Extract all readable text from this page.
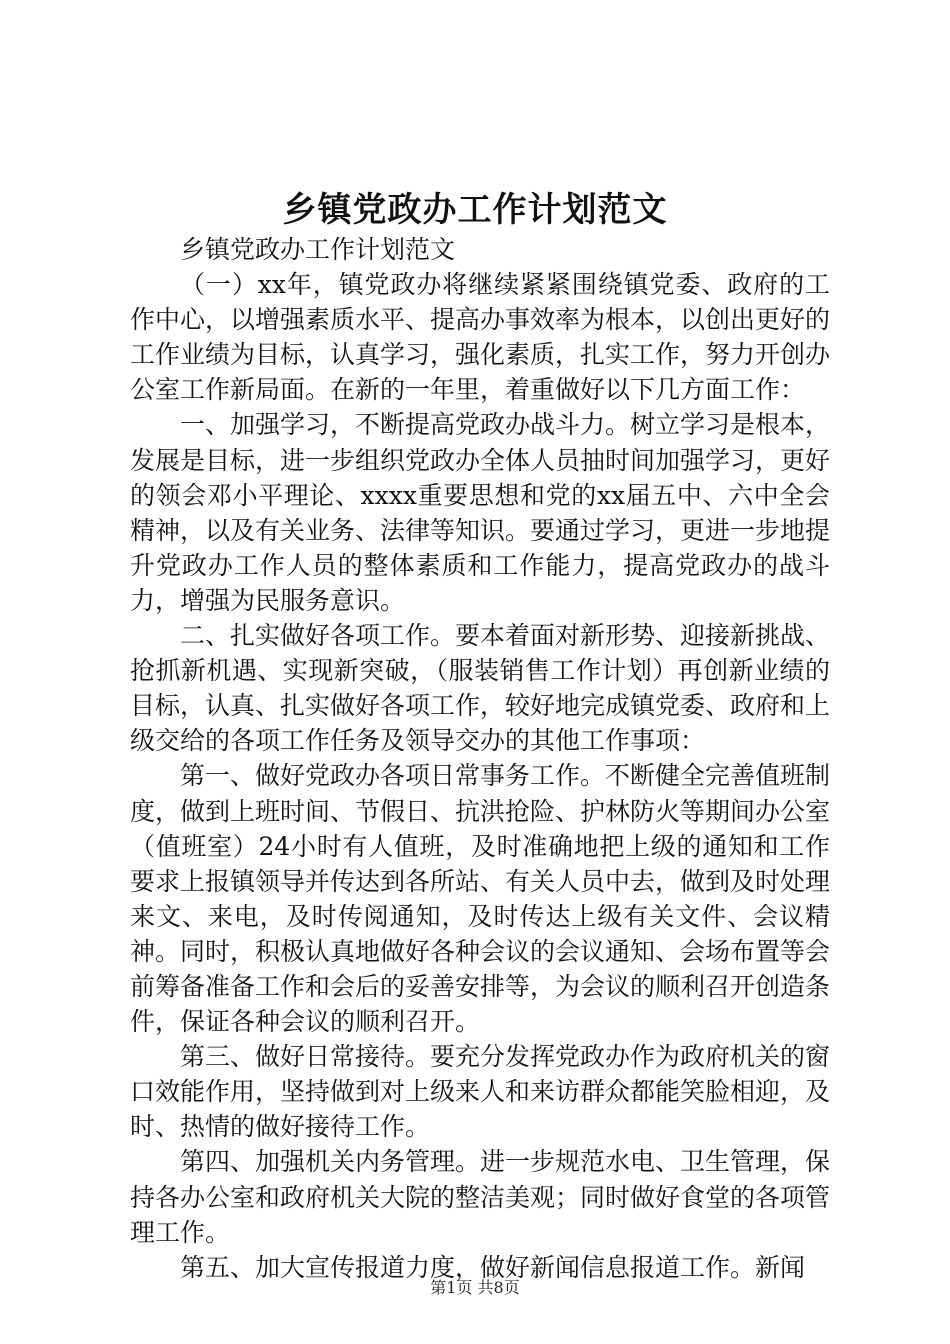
乡镇党政办工作计划范文

乡镇党政办工作计划范文

（一）xx年，镇党政办将继续紧紧围绕镇党委、政府的工作中心，以增强素质水平、提高办事效率为根本，以创出更好的工作业绩为目标，认真学习，强化素质，扎实工作，努力开创办公室工作新局面。在新的一年里，着重做好以下几方面工作：

一、加强学习，不断提高党政办战斗力。树立学习是根本，发展是目标，进一步组织党政办全体人员抽时间加强学习，更好的领会邓小平理论、xxxx重要思想和党的xx届五中、六中全会精神，以及有关业务、法律等知识。要通过学习，更进一步地提升党政办工作人员的整体素质和工作能力，提高党政办的战斗力，增强为民服务意识。

二、扎实做好各项工作。要本着面对新形势、迎接新挑战、抢抓新机遇、实现新突破，（服装销售工作计划）再创新业绩的目标，认真、扎实做好各项工作，较好地完成镇党委、政府和上级交给的各项工作任务及领导交办的其他工作事项：

第一、做好党政办各项日常事务工作。不断健全完善值班制度，做到上班时间、节假日、抗洪抢险、护林防火等期间办公室（值班室）24小时有人值班，及时准确地把上级的通知和工作要求上报镇领导并传达到各所站、有关人员中去，做到及时处理来文、来电，及时传阅通知，及时传达上级有关文件、会议精神。同时，积极认真地做好各种会议的会议通知、会场布置等会前筹备准备工作和会后的妥善安排等，为会议的顺利召开创造条件，保证各种会议的顺利召开。

第三、做好日常接待。要充分发挥党政办作为政府机关的窗口效能作用，坚持做到对上级来人和来访群众都能笑脸相迎，及时、热情的做好接待工作。

第四、加强机关内务管理。进一步规范水电、卫生管理，保持各办公室和政府机关大院的整洁美观；同时做好食堂的各项管理工作。

第五、加大宣传报道力度，做好新闻信息报道工作。新闻

第1页 共8页
